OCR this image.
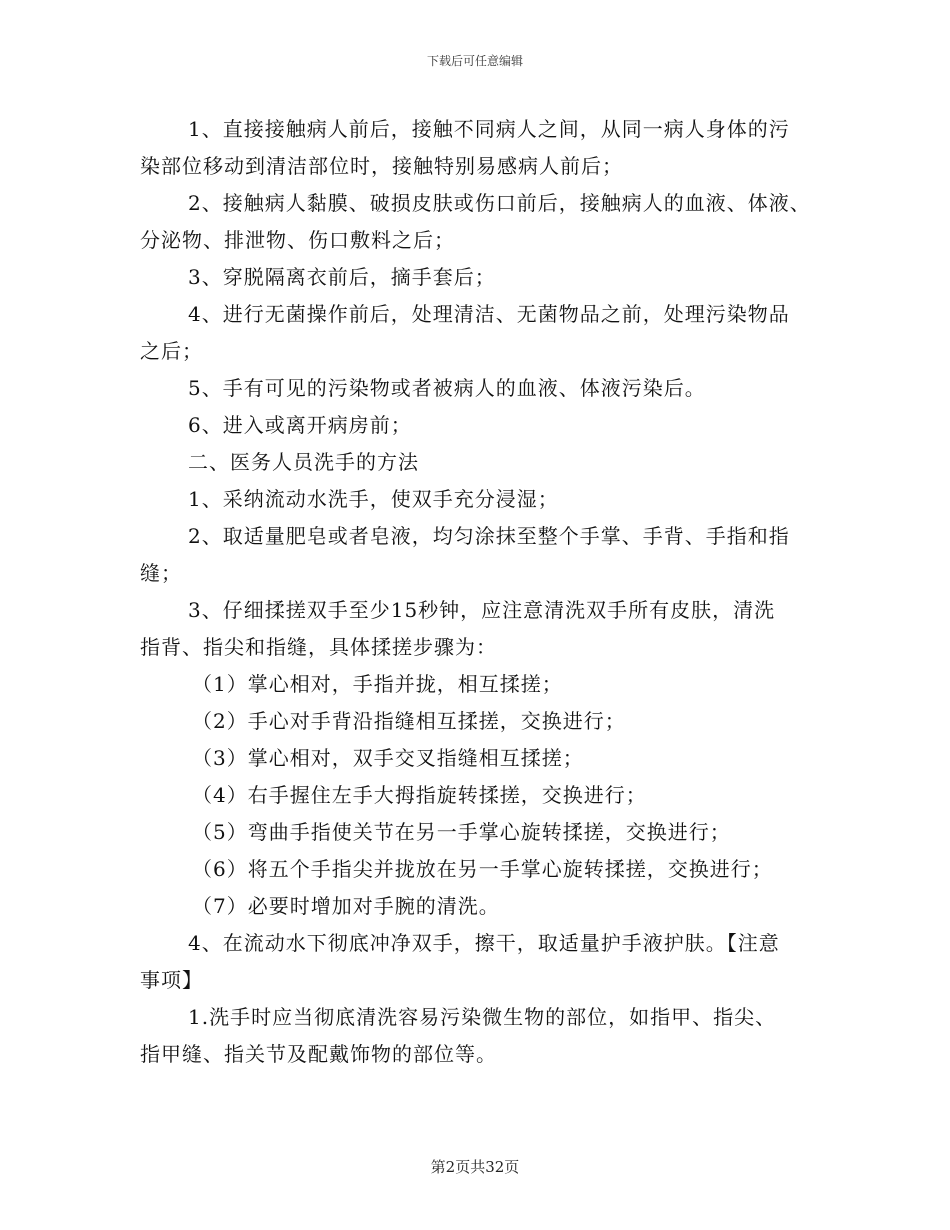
下载后可任意编辑

1、直接接触病人前后，接触不同病人之间，从同一病人身体的污

染部位移动到清洁部位时，接触特别易感病人前后；

2、接触病人黏膜、破损皮肤或伤口前后，接触病人的血液、体液、

分泌物、排泄物、伤口敷料之后；

3、穿脱隔离衣前后，摘手套后；

4、进行无菌操作前后，处理清洁、无菌物品之前，处理污染物品

之后；

5、手有可见的污染物或者被病人的血液、体液污染后。

6、进入或离开病房前；

二、医务人员洗手的方法

1、采纳流动水洗手，使双手充分浸湿；

2、取适量肥皂或者皂液，均匀涂抹至整个手掌、手背、手指和指

缝；

3、仔细揉搓双手至少15秒钟，应注意清洗双手所有皮肤，清洗

指背、指尖和指缝，具体揉搓步骤为：

（1）掌心相对，手指并拢，相互揉搓；

（2）手心对手背沿指缝相互揉搓，交换进行；

（3）掌心相对，双手交叉指缝相互揉搓；

（4）右手握住左手大拇指旋转揉搓，交换进行；

（5）弯曲手指使关节在另一手掌心旋转揉搓，交换进行；

（6）将五个手指尖并拢放在另一手掌心旋转揉搓，交换进行；

（7）必要时增加对手腕的清洗。

4、在流动水下彻底冲净双手，擦干，取适量护手液护肤。【注意

事项】

1.洗手时应当彻底清洗容易污染微生物的部位，如指甲、指尖、

指甲缝、指关节及配戴饰物的部位等。

第2页共32页
